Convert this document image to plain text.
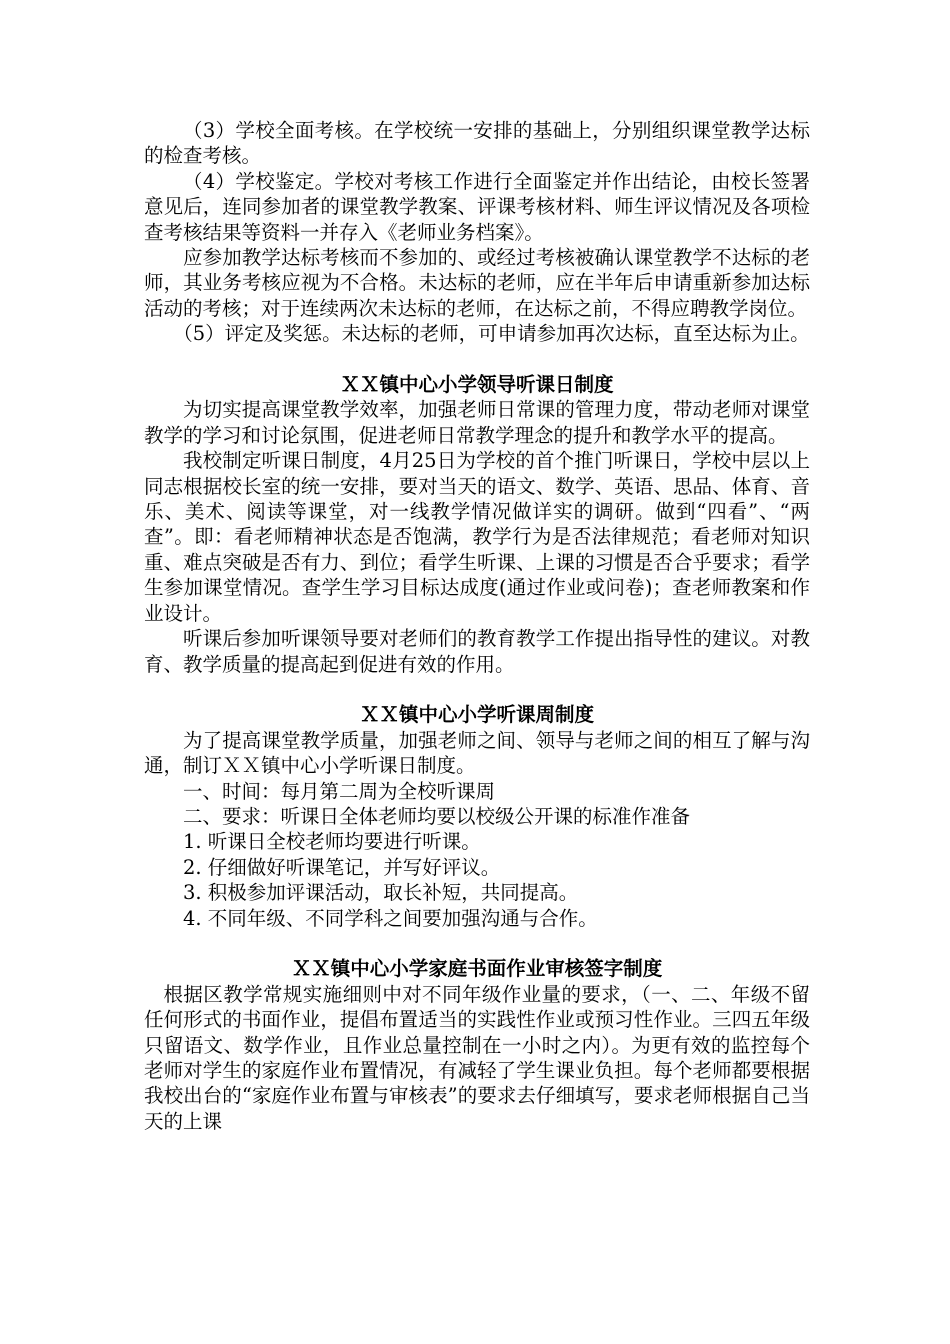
（3）学校全面考核。在学校统一安排的基础上，分别组织课堂教学达标的检查考核。

（4）学校鉴定。学校对考核工作进行全面鉴定并作出结论，由校长签署意见后，连同参加者的课堂教学教案、评课考核材料、师生评议情况及各项检查考核结果等资料一并存入《老师业务档案》。

应参加教学达标考核而不参加的、或经过考核被确认课堂教学不达标的老师，其业务考核应视为不合格。未达标的老师，应在半年后申请重新参加达标活动的考核；对于连续两次未达标的老师，在达标之前，不得应聘教学岗位。

（5）评定及奖惩。未达标的老师，可申请参加再次达标，直至达标为止。

ＸＸ镇中心小学领导听课日制度

为切实提高课堂教学效率，加强老师日常课的管理力度，带动老师对课堂教学的学习和讨论氛围，促进老师日常教学理念的提升和教学水平的提高。

我校制定听课日制度，4月25日为学校的首个推门听课日，学校中层以上同志根据校长室的统一安排，要对当天的语文、数学、英语、思品、体育、音乐、美术、阅读等课堂，对一线教学情况做详实的调研。做到“四看”、“两查”。即：看老师精神状态是否饱满，教学行为是否法律规范；看老师对知识重、难点突破是否有力、到位；看学生听课、上课的习惯是否合乎要求；看学生参加课堂情况。查学生学习目标达成度(通过作业或问卷)；查老师教案和作业设计。

听课后参加听课领导要对老师们的教育教学工作提出指导性的建议。对教育、教学质量的提高起到促进有效的作用。

ＸＸ镇中心小学听课周制度

为了提高课堂教学质量，加强老师之间、领导与老师之间的相互了解与沟通，制订ＸＸ镇中心小学听课日制度。

一、时间：每月第二周为全校听课周

二、要求：听课日全体老师均要以校级公开课的标准作准备

1. 听课日全校老师均要进行听课。

2. 仔细做好听课笔记，并写好评议。

3. 积极参加评课活动，取长补短，共同提高。

4. 不同年级、不同学科之间要加强沟通与合作。

ＸＸ镇中心小学家庭书面作业审核签字制度

根据区教学常规实施细则中对不同年级作业量的要求，（一、二、年级不留任何形式的书面作业，提倡布置适当的实践性作业或预习性作业。三四五年级只留语文、数学作业，且作业总量控制在一小时之内）。为更有效的监控每个老师对学生的家庭作业布置情况，有减轻了学生课业负担。每个老师都要根据我校出台的“家庭作业布置与审核表”的要求去仔细填写，要求老师根据自己当天的上课
